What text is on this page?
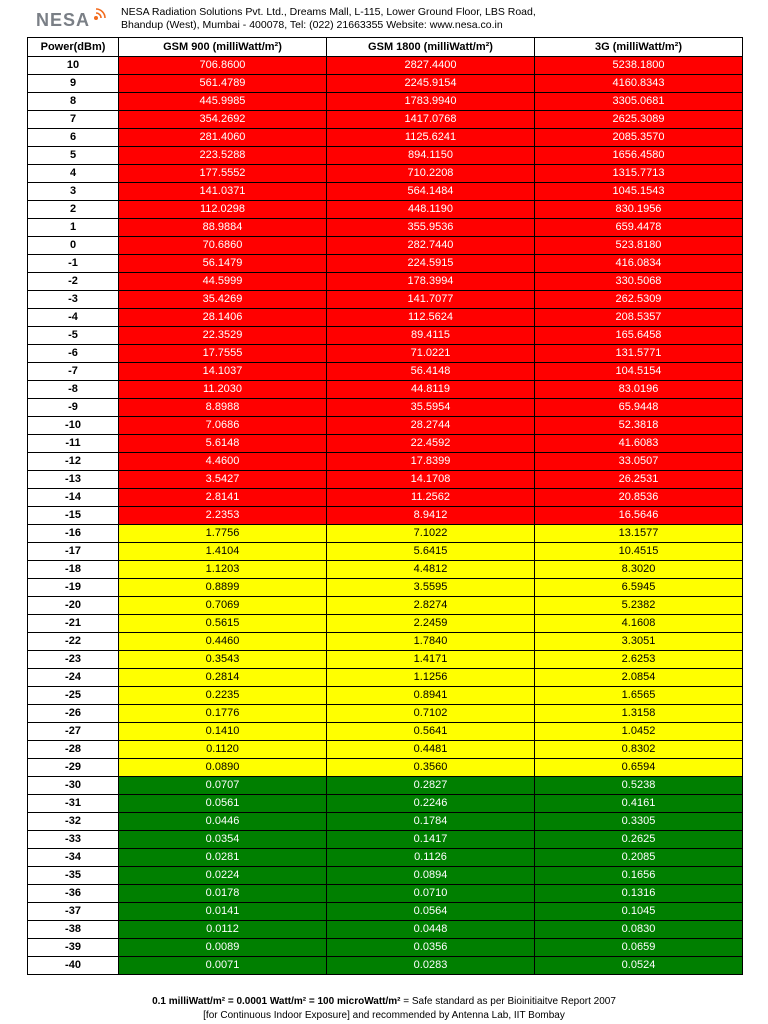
NESA	NESA Radiation Solutions Pvt. Ltd., Dreams Mall, L-115, Lower Ground Floor, LBS Road,
Bhandup (West), Mumbai - 400078, Tel: (022) 21663355 Website: www.nesa.co.in
Power(dBm)	GSM 900 (milliWatt/m²)	GSM 1800 (milliWatt/m²)	3G (milliWatt/m²)
10	706.8600	2827.4400	5238.1800
9	561.4789	2245.9154	4160.8343
8	445.9985	1783.9940	3305.0681
7	354.2692	1417.0768	2625.3089
6	281.4060	1125.6241	2085.3570
5	223.5288	894.1150	1656.4580
4	177.5552	710.2208	1315.7713
3	141.0371	564.1484	1045.1543
2	112.0298	448.1190	830.1956
1	88.9884	355.9536	659.4478
0	70.6860	282.7440	523.8180
-1	56.1479	224.5915	416.0834
-2	44.5999	178.3994	330.5068
-3	35.4269	141.7077	262.5309
-4	28.1406	112.5624	208.5357
-5	22.3529	89.4115	165.6458
-6	17.7555	71.0221	131.5771
-7	14.1037	56.4148	104.5154
-8	11.2030	44.8119	83.0196
-9	8.8988	35.5954	65.9448
-10	7.0686	28.2744	52.3818
-11	5.6148	22.4592	41.6083
-12	4.4600	17.8399	33.0507
-13	3.5427	14.1708	26.2531
-14	2.8141	11.2562	20.8536
-15	2.2353	8.9412	16.5646
-16	1.7756	7.1022	13.1577
-17	1.4104	5.6415	10.4515
-18	1.1203	4.4812	8.3020
-19	0.8899	3.5595	6.5945
-20	0.7069	2.8274	5.2382
-21	0.5615	2.2459	4.1608
-22	0.4460	1.7840	3.3051
-23	0.3543	1.4171	2.6253
-24	0.2814	1.1256	2.0854
-25	0.2235	0.8941	1.6565
-26	0.1776	0.7102	1.3158
-27	0.1410	0.5641	1.0452
-28	0.1120	0.4481	0.8302
-29	0.0890	0.3560	0.6594
-30	0.0707	0.2827	0.5238
-31	0.0561	0.2246	0.4161
-32	0.0446	0.1784	0.3305
-33	0.0354	0.1417	0.2625
-34	0.0281	0.1126	0.2085
-35	0.0224	0.0894	0.1656
-36	0.0178	0.0710	0.1316
-37	0.0141	0.0564	0.1045
-38	0.0112	0.0448	0.0830
-39	0.0089	0.0356	0.0659
-40	0.0071	0.0283	0.0524
0.1 milliWatt/m² = 0.0001 Watt/m² = 100 microWatt/m² = Safe standard as per Bioinitiaitve Report 2007
[for Continuous Indoor Exposure] and recommended by Antenna Lab, IIT Bombay
